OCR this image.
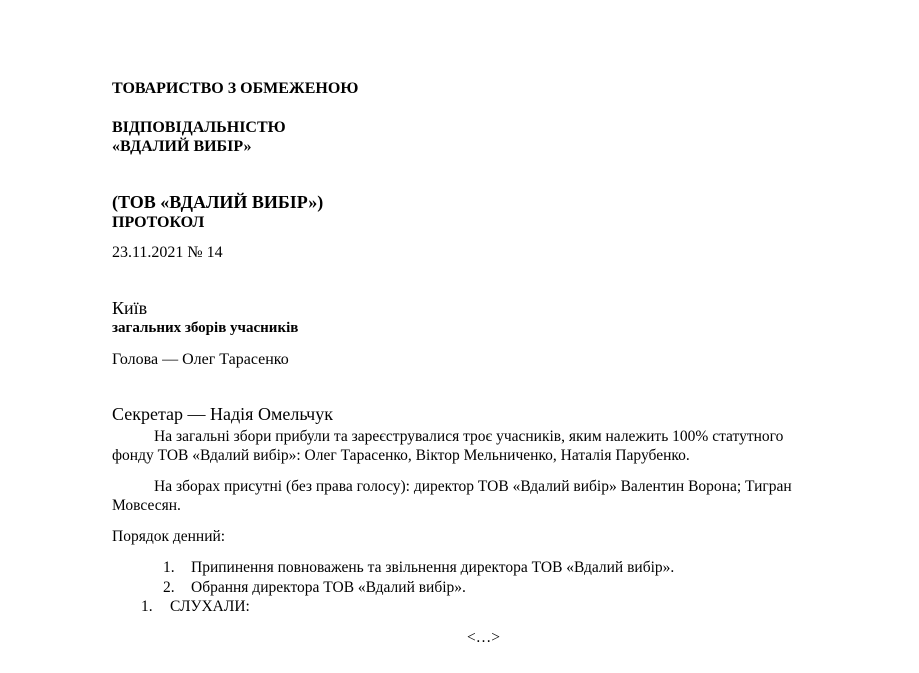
ТОВАРИСТВО З ОБМЕЖЕНОЮ
ВІДПОВІДАЛЬНІСТЮ
«ВДАЛИЙ ВИБІР»
(ТОВ «ВДАЛИЙ ВИБІР»)
ПРОТОКОЛ
23.11.2021 № 14
Київ
загальних зборів учасників
Голова — Олег Тарасенко
Секретар — Надія Омельчук
На загальні збори прибули та зареєструвалися троє учасників, яким належить 100% статутного
фонду ТОВ «Вдалий вибір»: Олег Тарасенко, Віктор Мельниченко, Наталія Парубенко.
На зборах присутні (без права голосу): директор ТОВ «Вдалий вибір» Валентин Ворона; Тигран
Мовсесян.
Порядок денний:
1. Припинення повноважень та звільнення директора ТОВ «Вдалий вибір».
2. Обрання директора ТОВ «Вдалий вибір».
1. СЛУХАЛИ:
<…>
